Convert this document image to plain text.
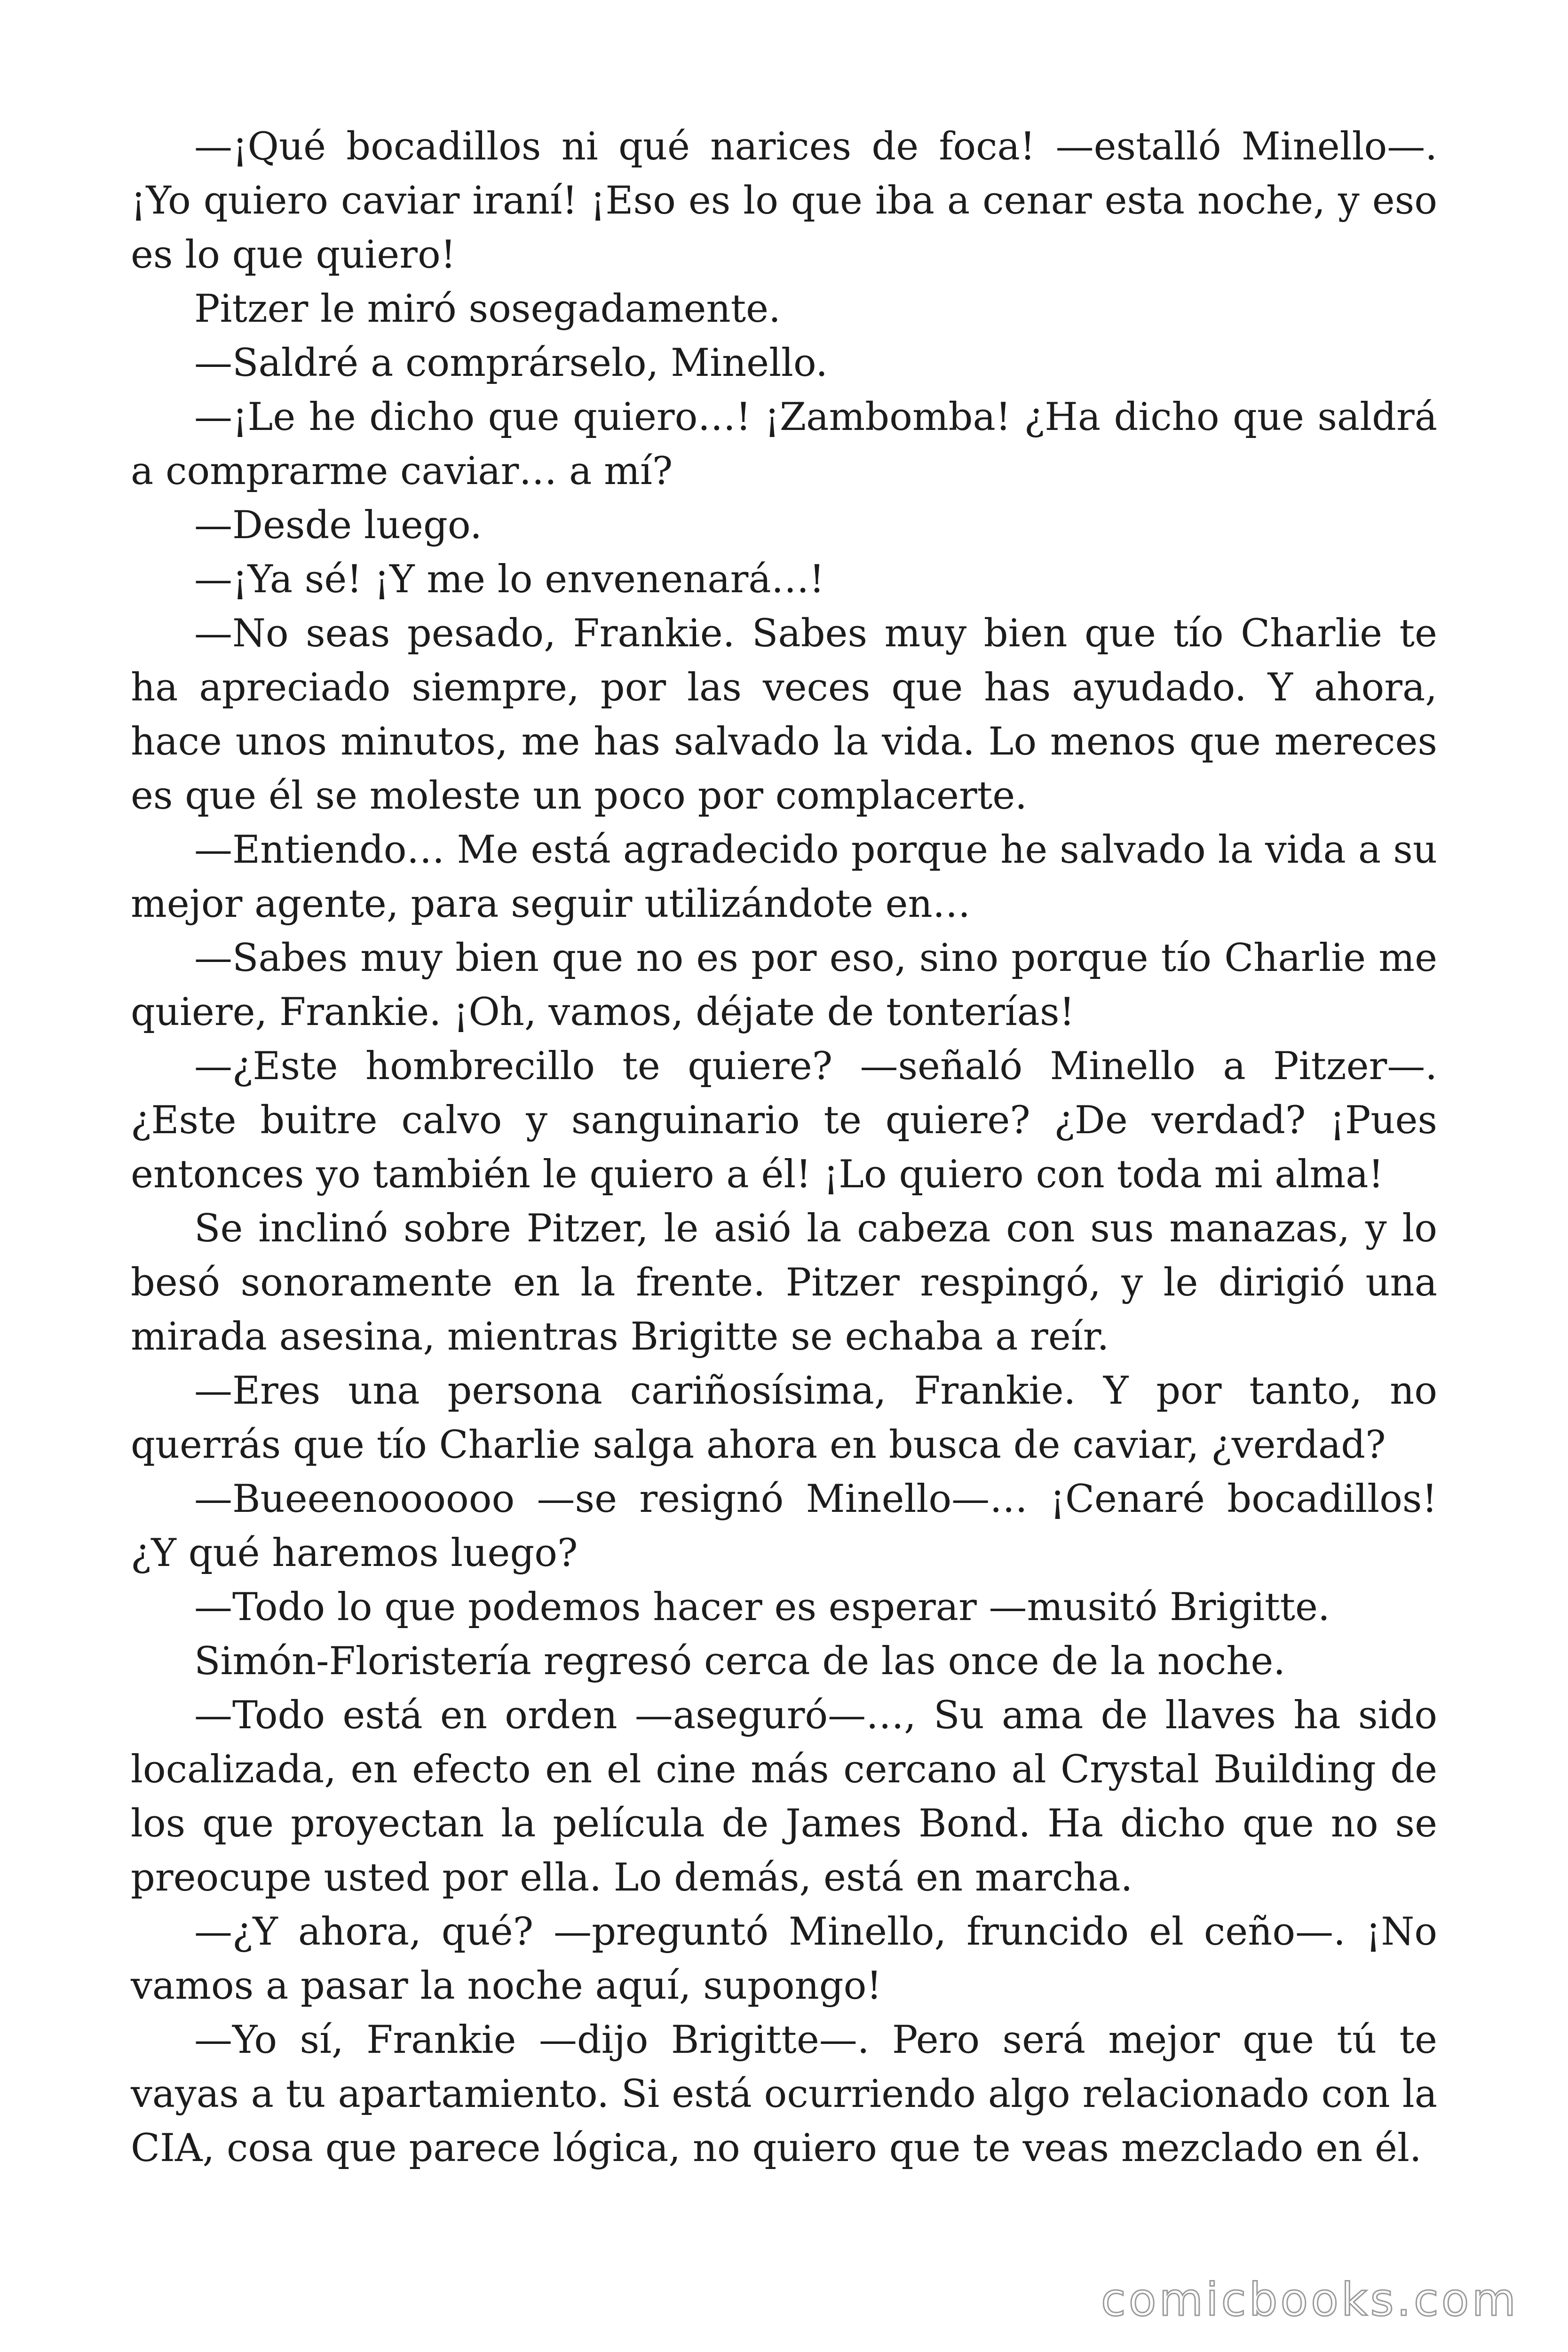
—¡Qué bocadillos ni qué narices de foca! —estalló Minello—. ¡Yo quiero caviar iraní! ¡Eso es lo que iba a cenar esta noche, y eso es lo que quiero!

Pitzer le miró sosegadamente.

—Saldré a comprárselo, Minello.

—¡Le he dicho que quiero…! ¡Zambomba! ¿Ha dicho que saldrá a comprarme caviar… a mí?

—Desde luego.

—¡Ya sé! ¡Y me lo envenenará…!

—No seas pesado, Frankie. Sabes muy bien que tío Charlie te ha apreciado siempre, por las veces que has ayudado. Y ahora, hace unos minutos, me has salvado la vida. Lo menos que mereces es que él se moleste un poco por complacerte.

—Entiendo… Me está agradecido porque he salvado la vida a su mejor agente, para seguir utilizándote en…

—Sabes muy bien que no es por eso, sino porque tío Charlie me quiere, Frankie. ¡Oh, vamos, déjate de tonterías!

—¿Este hombrecillo te quiere? —señaló Minello a Pitzer—. ¿Este buitre calvo y sanguinario te quiere? ¿De verdad? ¡Pues entonces yo también le quiero a él! ¡Lo quiero con toda mi alma!

Se inclinó sobre Pitzer, le asió la cabeza con sus manazas, y lo besó sonoramente en la frente. Pitzer respingó, y le dirigió una mirada asesina, mientras Brigitte se echaba a reír.

—Eres una persona cariñosísima, Frankie. Y por tanto, no querrás que tío Charlie salga ahora en busca de caviar, ¿verdad?

—Bueeenoooooo —se resignó Minello—… ¡Cenaré bocadillos! ¿Y qué haremos luego?

—Todo lo que podemos hacer es esperar —musitó Brigitte.

Simón-Floristería regresó cerca de las once de la noche.

—Todo está en orden —aseguró—…, Su ama de llaves ha sido localizada, en efecto en el cine más cercano al Crystal Building de los que proyectan la película de James Bond. Ha dicho que no se preocupe usted por ella. Lo demás, está en marcha.

—¿Y ahora, qué? —preguntó Minello, fruncido el ceño—. ¡No vamos a pasar la noche aquí, supongo!

—Yo sí, Frankie —dijo Brigitte—. Pero será mejor que tú te vayas a tu apartamiento. Si está ocurriendo algo relacionado con la CIA, cosa que parece lógica, no quiero que te veas mezclado en él.

comicbooks.com
